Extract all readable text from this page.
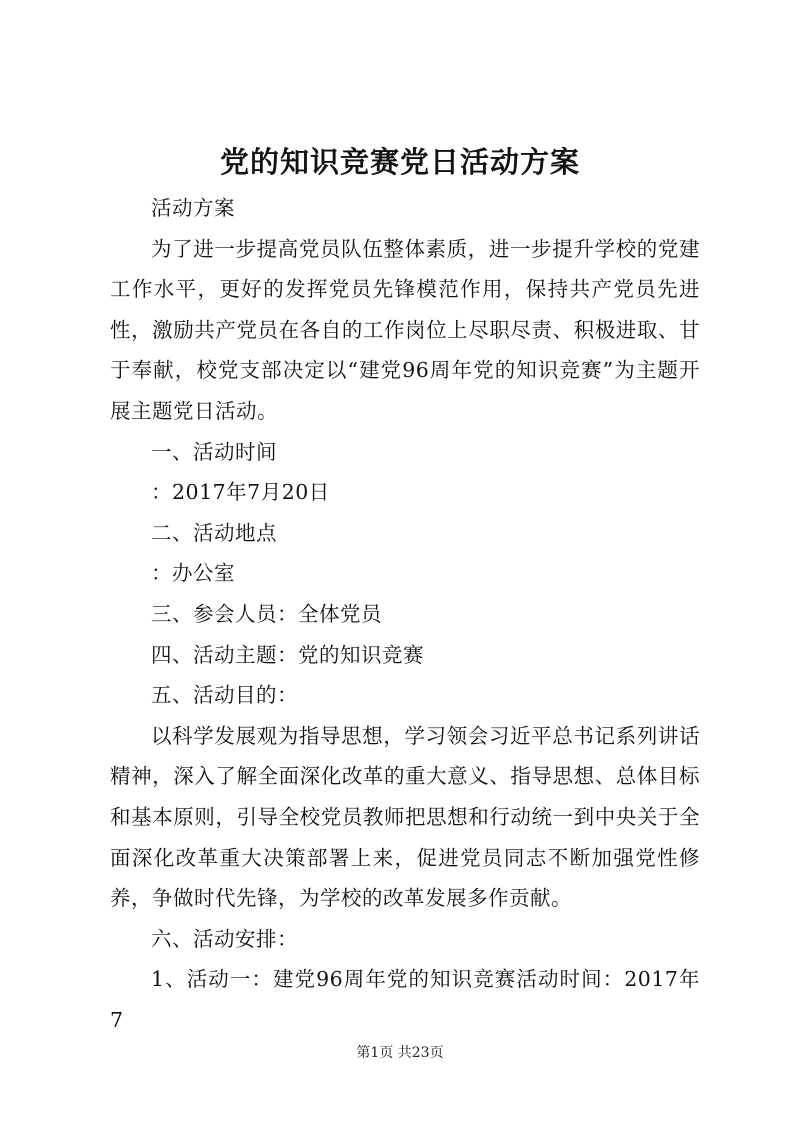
党的知识竞赛党日活动方案

活动方案

为了进一步提高党员队伍整体素质，进一步提升学校的党建工作水平，更好的发挥党员先锋模范作用，保持共产党员先进性，激励共产党员在各自的工作岗位上尽职尽责、积极进取、甘于奉献，校党支部决定以“建党96周年党的知识竞赛”为主题开展主题党日活动。

一、活动时间

：2017年7月20日

二、活动地点

：办公室

三、参会人员：全体党员

四、活动主题：党的知识竞赛

五、活动目的：

以科学发展观为指导思想，学习领会习近平总书记系列讲话精神，深入了解全面深化改革的重大意义、指导思想、总体目标和基本原则，引导全校党员教师把思想和行动统一到中央关于全面深化改革重大决策部署上来，促进党员同志不断加强党性修养，争做时代先锋，为学校的改革发展多作贡献。

六、活动安排：

1、活动一：建党96周年党的知识竞赛活动时间：2017年7

第1页 共23页
